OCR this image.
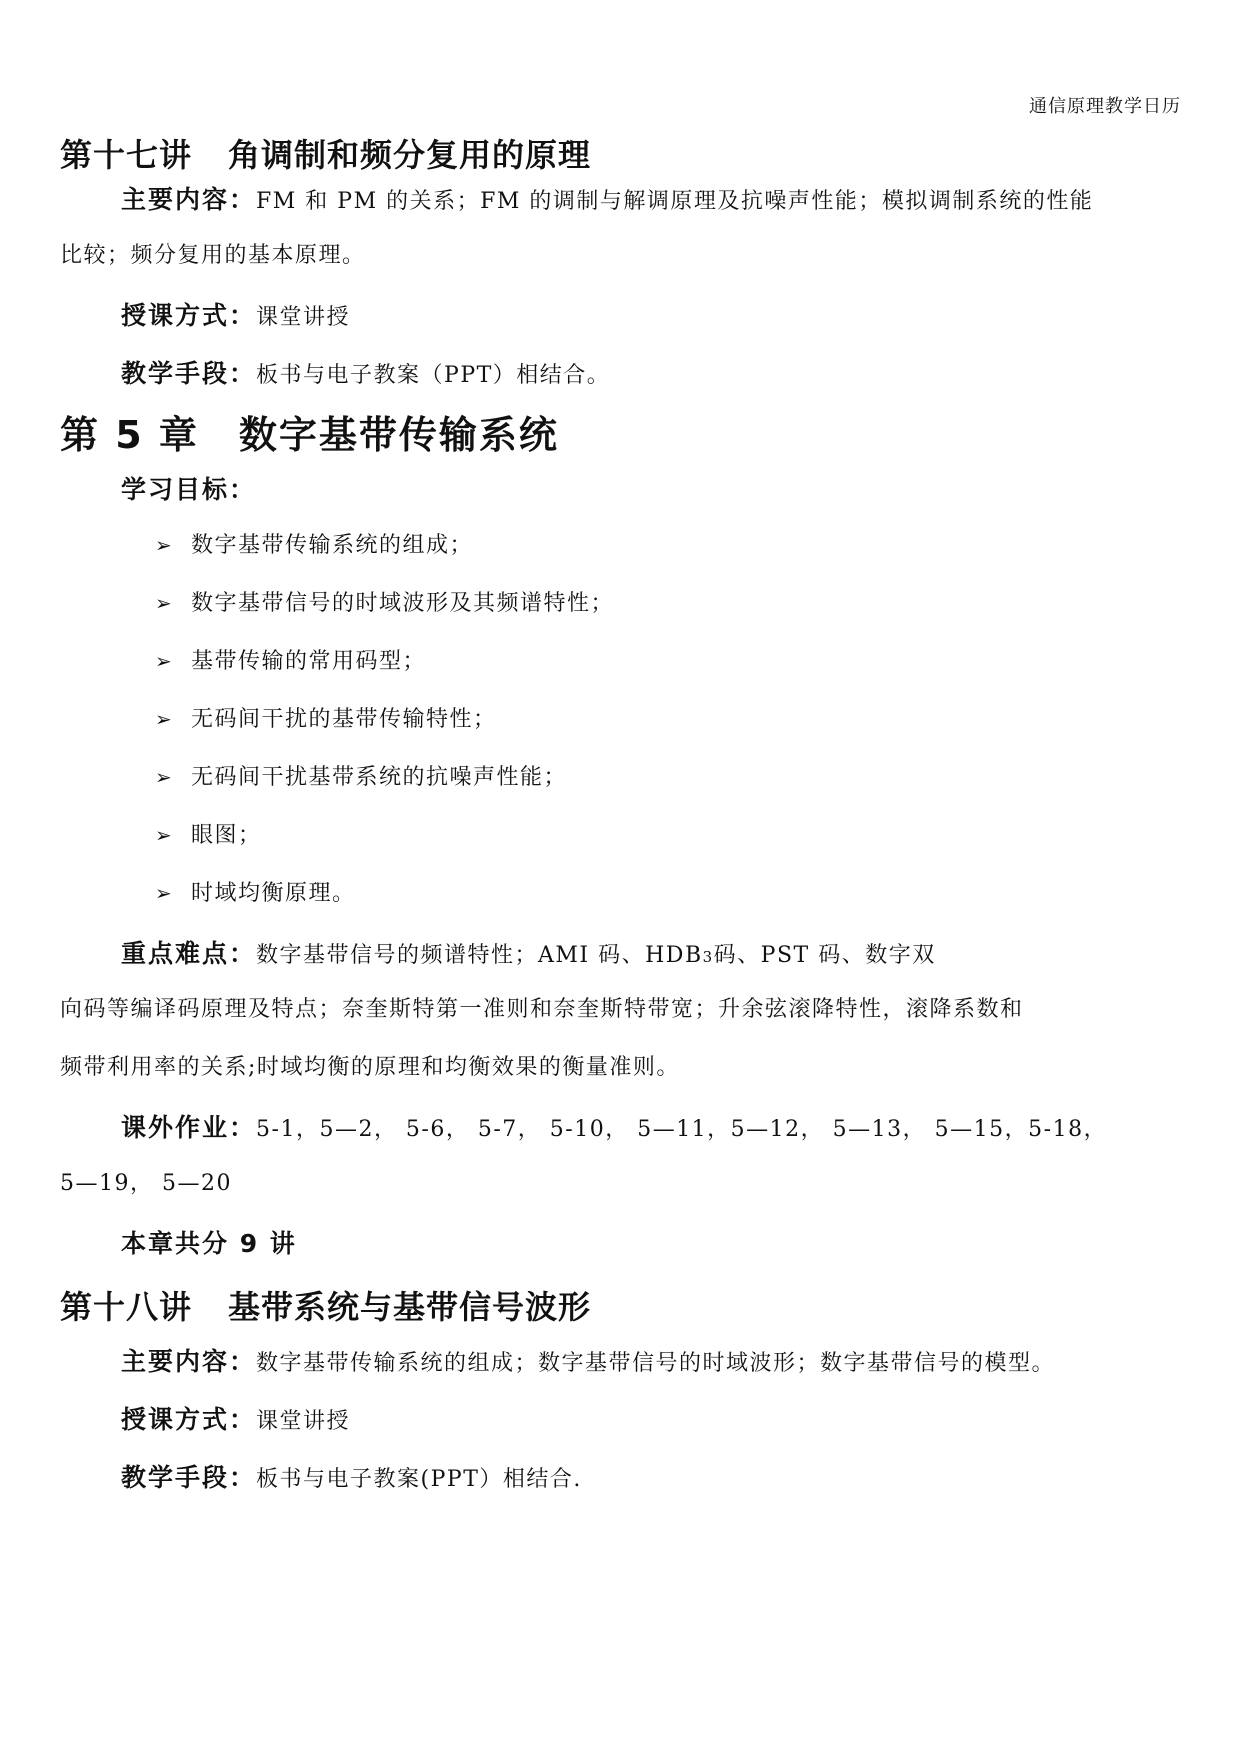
通信原理教学日历
第十七讲 角调制和频分复用的原理
主要内容：FM 和 PM 的关系；FM 的调制与解调原理及抗噪声性能；模拟调制系统的性能
比较；频分复用的基本原理。
授课方式：课堂讲授
教学手段：板书与电子教案（PPT）相结合。
第 5 章 数字基带传输系统
学习目标：
➢ 数字基带传输系统的组成；
➢ 数字基带信号的时域波形及其频谱特性；
➢ 基带传输的常用码型；
➢ 无码间干扰的基带传输特性；
➢ 无码间干扰基带系统的抗噪声性能；
➢ 眼图；
➢ 时域均衡原理。
重点难点：数字基带信号的频谱特性；AMI 码、HDB3码、PST 码、数字双
向码等编译码原理及特点；奈奎斯特第一准则和奈奎斯特带宽；升余弦滚降特性，滚降系数和
频带利用率的关系;时域均衡的原理和均衡效果的衡量准则。
课外作业：5-1，5—2， 5-6， 5-7， 5-10， 5—11，5—12， 5—13， 5—15，5-18，
5—19， 5—20
本章共分 9 讲
第十八讲 基带系统与基带信号波形
主要内容：数字基带传输系统的组成；数字基带信号的时域波形；数字基带信号的模型。
授课方式：课堂讲授
教学手段：板书与电子教案(PPT）相结合.
